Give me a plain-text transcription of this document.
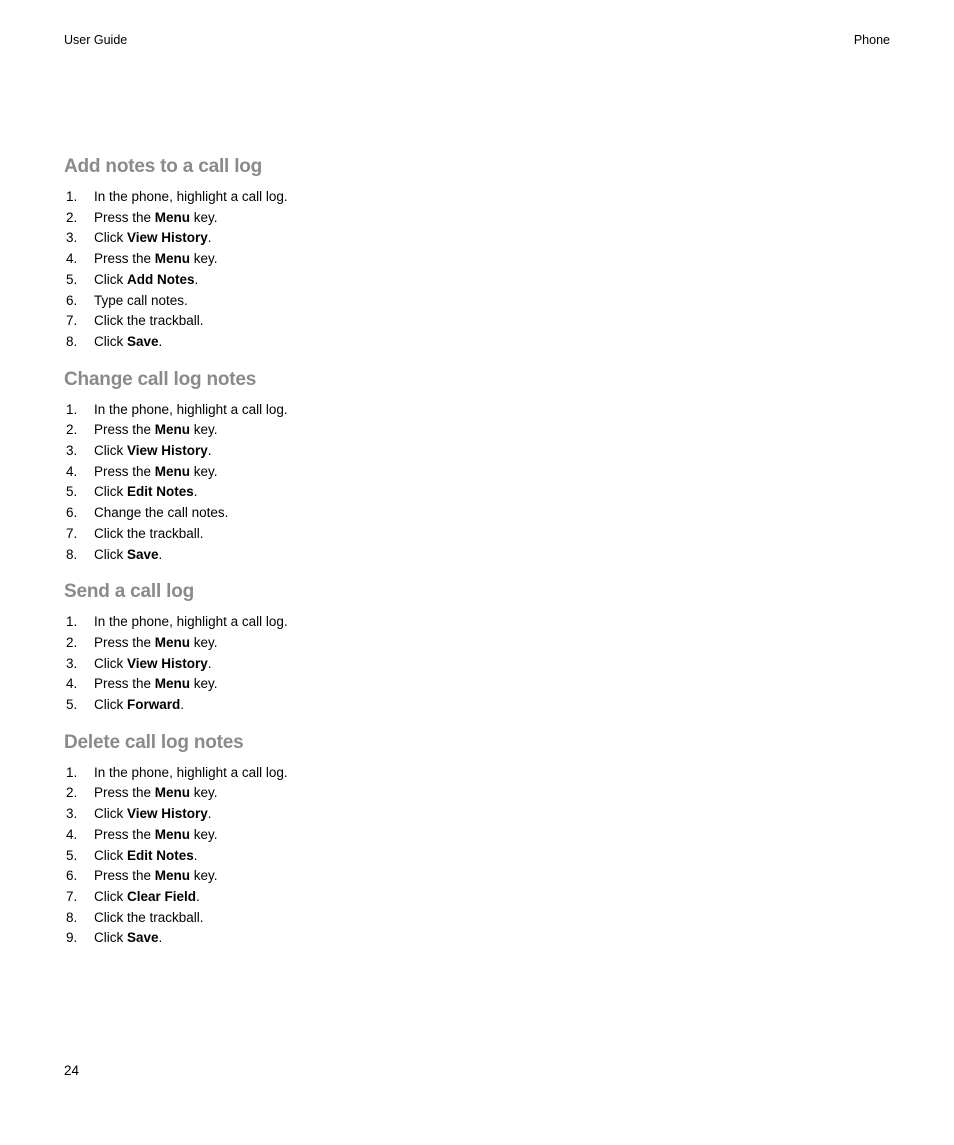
User Guide	Phone
Add notes to a call log
1.	In the phone, highlight a call log.
2.	Press the Menu key.
3.	Click View History.
4.	Press the Menu key.
5.	Click Add Notes.
6.	Type call notes.
7.	Click the trackball.
8.	Click Save.
Change call log notes
1.	In the phone, highlight a call log.
2.	Press the Menu key.
3.	Click View History.
4.	Press the Menu key.
5.	Click Edit Notes.
6.	Change the call notes.
7.	Click the trackball.
8.	Click Save.
Send a call log
1.	In the phone, highlight a call log.
2.	Press the Menu key.
3.	Click View History.
4.	Press the Menu key.
5.	Click Forward.
Delete call log notes
1.	In the phone, highlight a call log.
2.	Press the Menu key.
3.	Click View History.
4.	Press the Menu key.
5.	Click Edit Notes.
6.	Press the Menu key.
7.	Click Clear Field.
8.	Click the trackball.
9.	Click Save.
24
